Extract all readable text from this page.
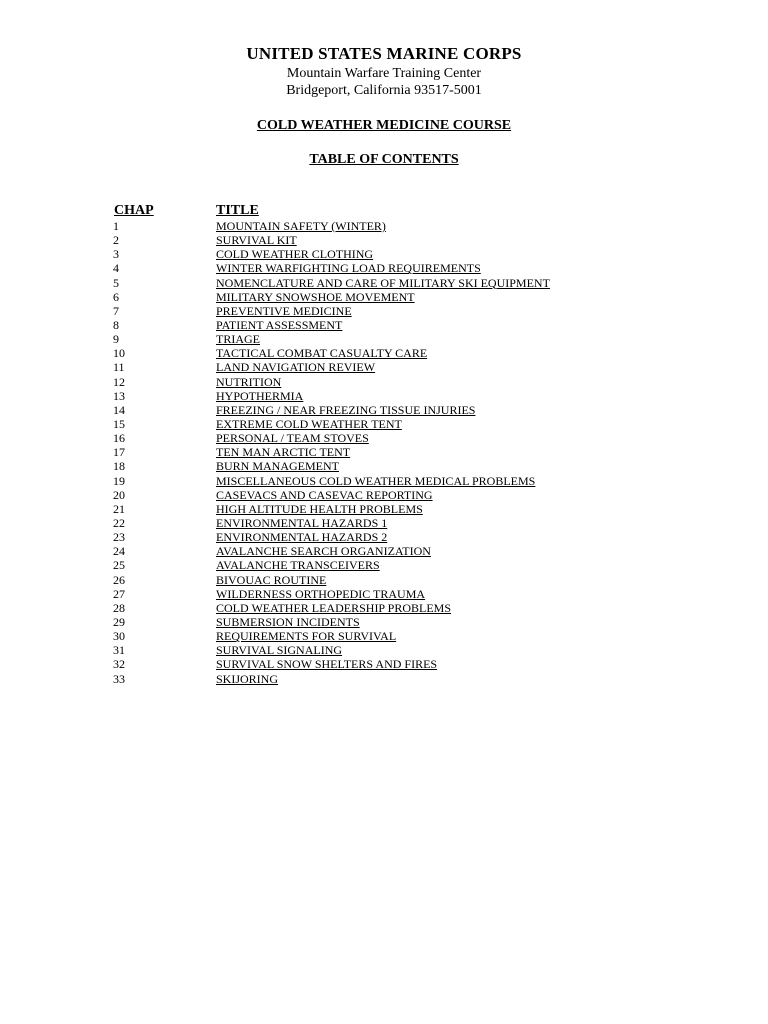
UNITED STATES MARINE CORPS
Mountain Warfare Training Center
Bridgeport, California 93517-5001
COLD WEATHER MEDICINE COURSE
TABLE OF CONTENTS
CHAP	TITLE
1	MOUNTAIN SAFETY (WINTER)
2	SURVIVAL KIT
3	COLD WEATHER CLOTHING
4	WINTER WARFIGHTING LOAD REQUIREMENTS
5	NOMENCLATURE AND CARE OF MILITARY SKI EQUIPMENT
6	MILITARY SNOWSHOE MOVEMENT
7	PREVENTIVE MEDICINE
8	PATIENT ASSESSMENT
9	TRIAGE
10	TACTICAL COMBAT CASUALTY CARE
11	LAND NAVIGATION REVIEW
12	NUTRITION
13	HYPOTHERMIA
14	FREEZING / NEAR FREEZING TISSUE INJURIES
15	EXTREME COLD WEATHER TENT
16	PERSONAL / TEAM STOVES
17	TEN MAN ARCTIC TENT
18	BURN MANAGEMENT
19	MISCELLANEOUS COLD WEATHER MEDICAL PROBLEMS
20	CASEVACS AND CASEVAC REPORTING
21	HIGH ALTITUDE HEALTH PROBLEMS
22	ENVIRONMENTAL HAZARDS 1
23	ENVIRONMENTAL HAZARDS 2
24	AVALANCHE SEARCH ORGANIZATION
25	AVALANCHE TRANSCEIVERS
26	BIVOUAC ROUTINE
27	WILDERNESS ORTHOPEDIC TRAUMA
28	COLD WEATHER LEADERSHIP PROBLEMS
29	SUBMERSION INCIDENTS
30	REQUIREMENTS FOR SURVIVAL
31	SURVIVAL SIGNALING
32	SURVIVAL SNOW SHELTERS AND FIRES
33	SKIJORING
